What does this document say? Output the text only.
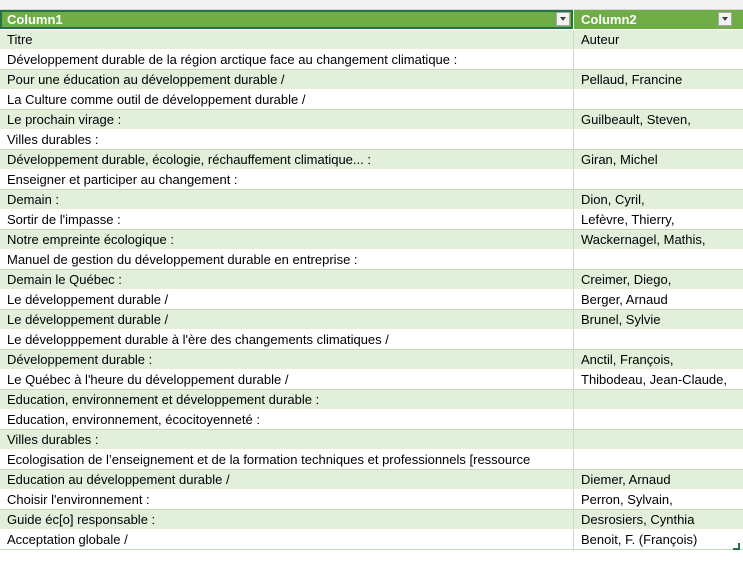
Column1	Column2
Titre	Auteur
Développement durable de la région arctique face au changement climatique :
Pour une éducation au développement durable /	Pellaud, Francine
La Culture comme outil de développement durable /
Le prochain virage :	Guilbeault, Steven,
Villes durables :
Développement durable, écologie, réchauffement climatique... :	Giran, Michel
Enseigner et participer au changement :
Demain :	Dion, Cyril,
Sortir de l'impasse :	Lefèvre, Thierry,
Notre empreinte écologique :	Wackernagel, Mathis,
Manuel de gestion du développement durable en entreprise :
Demain le Québec :	Creimer, Diego,
Le développement durable /	Berger, Arnaud
Le développement durable /	Brunel, Sylvie
Le développpement durable à l'ère des changements climatiques /
Développement durable :	Anctil, François,
Le Québec à l'heure du développement durable /	Thibodeau, Jean-Claude,
Education, environnement et développement durable :
Education, environnement, écocitoyenneté :
Villes durables :
Ecologisation de l’enseignement et de la formation techniques et professionnels [ressource
Education au développement durable /	Diemer, Arnaud
Choisir l'environnement :	Perron, Sylvain,
Guide éc[o] responsable :	Desrosiers, Cynthia
Acceptation globale /	Benoit, F. (François)
